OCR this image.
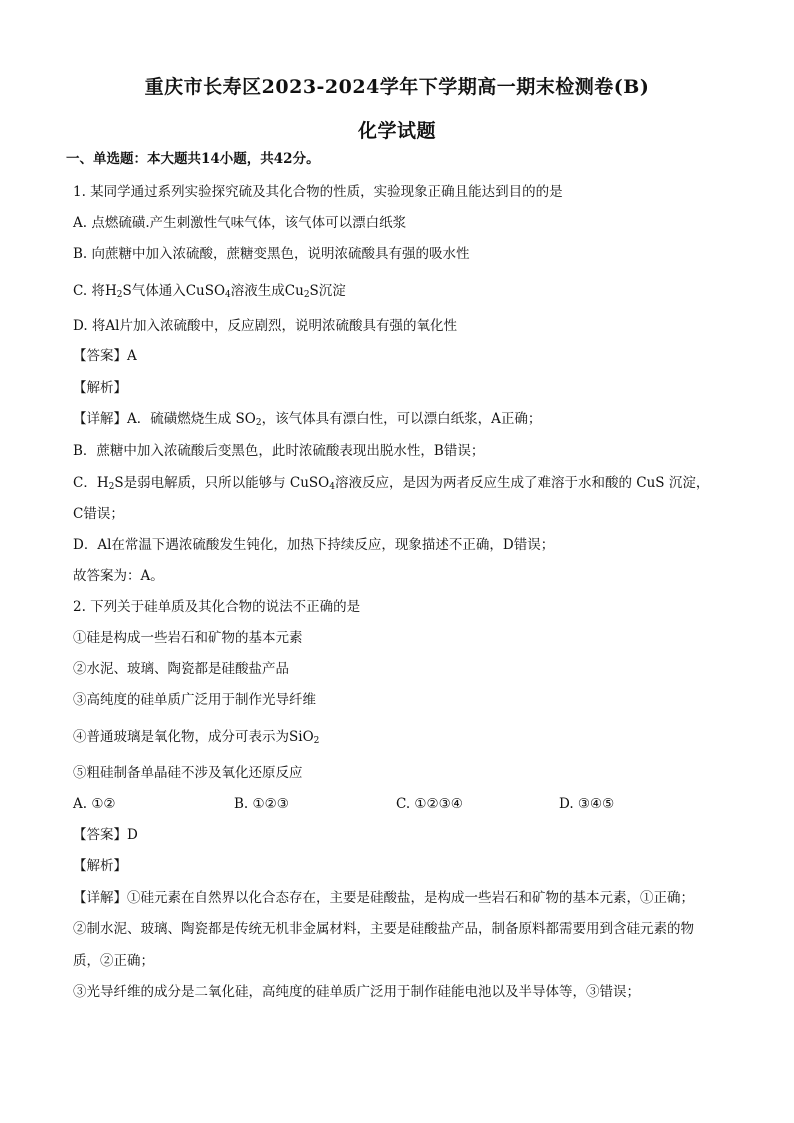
重庆市长寿区2023-2024学年下学期高一期末检测卷(B)
化学试题
一、单选题：本大题共14小题，共42分。
1. 某同学通过系列实验探究硫及其化合物的性质，实验现象正确且能达到目的的是
A. 点燃硫磺.产生刺激性气味气体，该气体可以漂白纸浆
B. 向蔗糖中加入浓硫酸，蔗糖变黑色，说明浓硫酸具有强的吸水性
C. 将$H_2S$气体通入CuSO$_4$溶液生成$Cu_2S$沉淀
D. 将Al片加入浓硫酸中，反应剧烈，说明浓硫酸具有强的氧化性
【答案】A
【解析】
【详解】A．硫磺燃烧生成 $SO_2$，该气体具有漂白性，可以漂白纸浆，A正确；
B．蔗糖中加入浓硫酸后变黑色，此时浓硫酸表现出脱水性，B错误；
C．$H_2S$是弱电解质，只所以能够与 CuSO$_4$溶液反应，是因为两者反应生成了难溶于水和酸的 CuS 沉淀，
C错误；
D．Al在常温下遇浓硫酸发生钝化，加热下持续反应，现象描述不正确，D错误；
故答案为：A。
2. 下列关于硅单质及其化合物的说法不正确的是
①硅是构成一些岩石和矿物的基本元素
②水泥、玻璃、陶瓷都是硅酸盐产品
③高纯度的硅单质广泛用于制作光导纤维
④普通玻璃是氧化物，成分可表示为SiO$_2$
⑤粗硅制备单晶硅不涉及氧化还原反应
A. ①②	B. ①②③	C. ①②③④	D. ③④⑤
【答案】D
【解析】
【详解】①硅元素在自然界以化合态存在，主要是硅酸盐，是构成一些岩石和矿物的基本元素，①正确；
②制水泥、玻璃、陶瓷都是传统无机非金属材料，主要是硅酸盐产品，制备原料都需要用到含硅元素的物
质，②正确；
③光导纤维的成分是二氧化硅，高纯度的硅单质广泛用于制作硅能电池以及半导体等，③错误；
